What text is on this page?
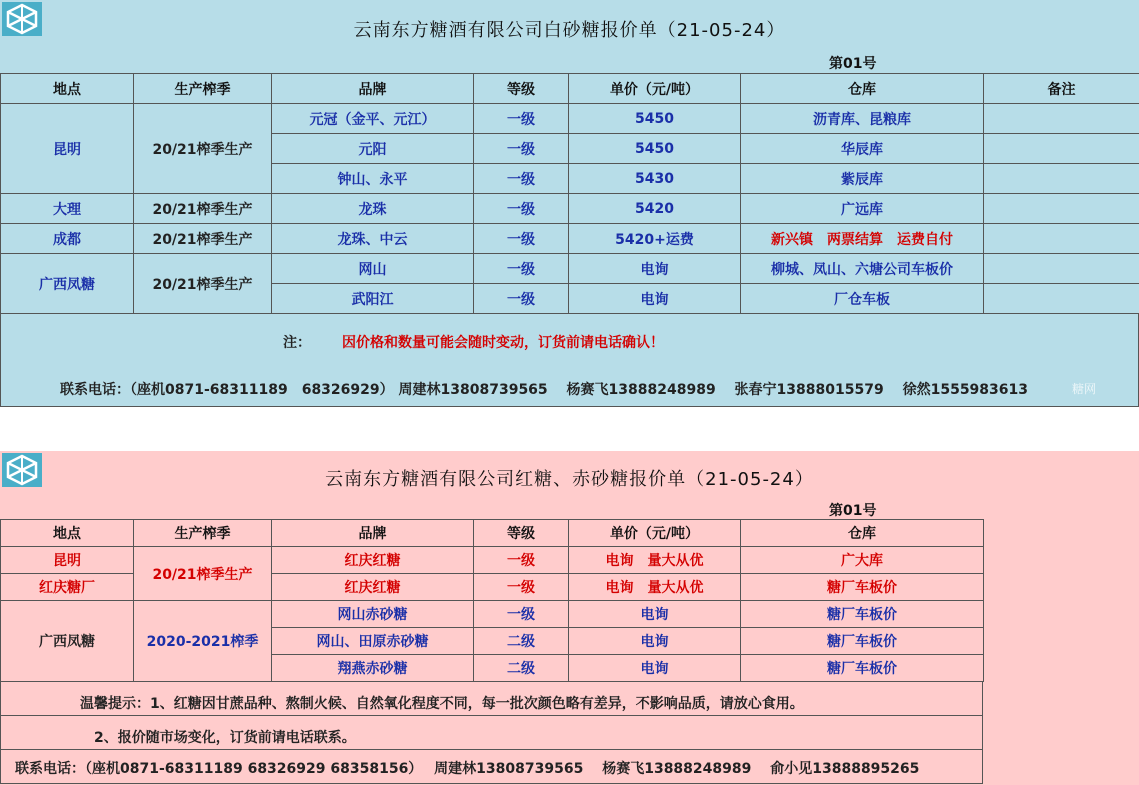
云南东方糖酒有限公司白砂糖报价单（21-05-24）
第01号
地点	生产榨季	品牌	等级	单价（元/吨）	仓库	备注
昆明	20/21榨季生产	元冠（金平、元江）	一级	5450	沥青库、昆粮库	
		元阳	一级	5450	华辰库	
		钟山、永平	一级	5430	紫辰库	
大理	20/21榨季生产	龙珠	一级	5420	广远库	
成都	20/21榨季生产	龙珠、中云	一级	5420+运费	新兴镇　两票结算　运费自付	
广西凤糖	20/21榨季生产	网山	一级	电询	柳城、凤山、六塘公司车板价	
		武阳江	一级	电询	厂仓车板	
注： 因价格和数量可能会随时变动，订货前请电话确认！
联系电话：（座机0871-68311189　68326929） 周建林13808739565　 杨赛飞13888248989　 张春宁13888015579　 徐然1555983613	糖网
云南东方糖酒有限公司红糖、赤砂糖报价单（21-05-24）
第01号
地点	生产榨季	品牌	等级	单价（元/吨）	仓库
昆明	20/21榨季生产	红庆红糖	一级	电询　量大从优	广大库
红庆糖厂		红庆红糖	一级	电询　量大从优	糖厂车板价
广西凤糖	2020-2021榨季	网山赤砂糖	一级	电询	糖厂车板价
		网山、田原赤砂糖	二级	电询	糖厂车板价
		翔燕赤砂糖	二级	电询	糖厂车板价
温馨提示：1、红糖因甘蔗品种、熬制火候、自然氧化程度不同，每一批次颜色略有差异，不影响品质，请放心食用。
2、报价随市场变化，订货前请电话联系。
联系电话：（座机0871-68311189 68326929 68358156）　 周建林13808739565　 杨赛飞13888248989　 俞小见13888895265
